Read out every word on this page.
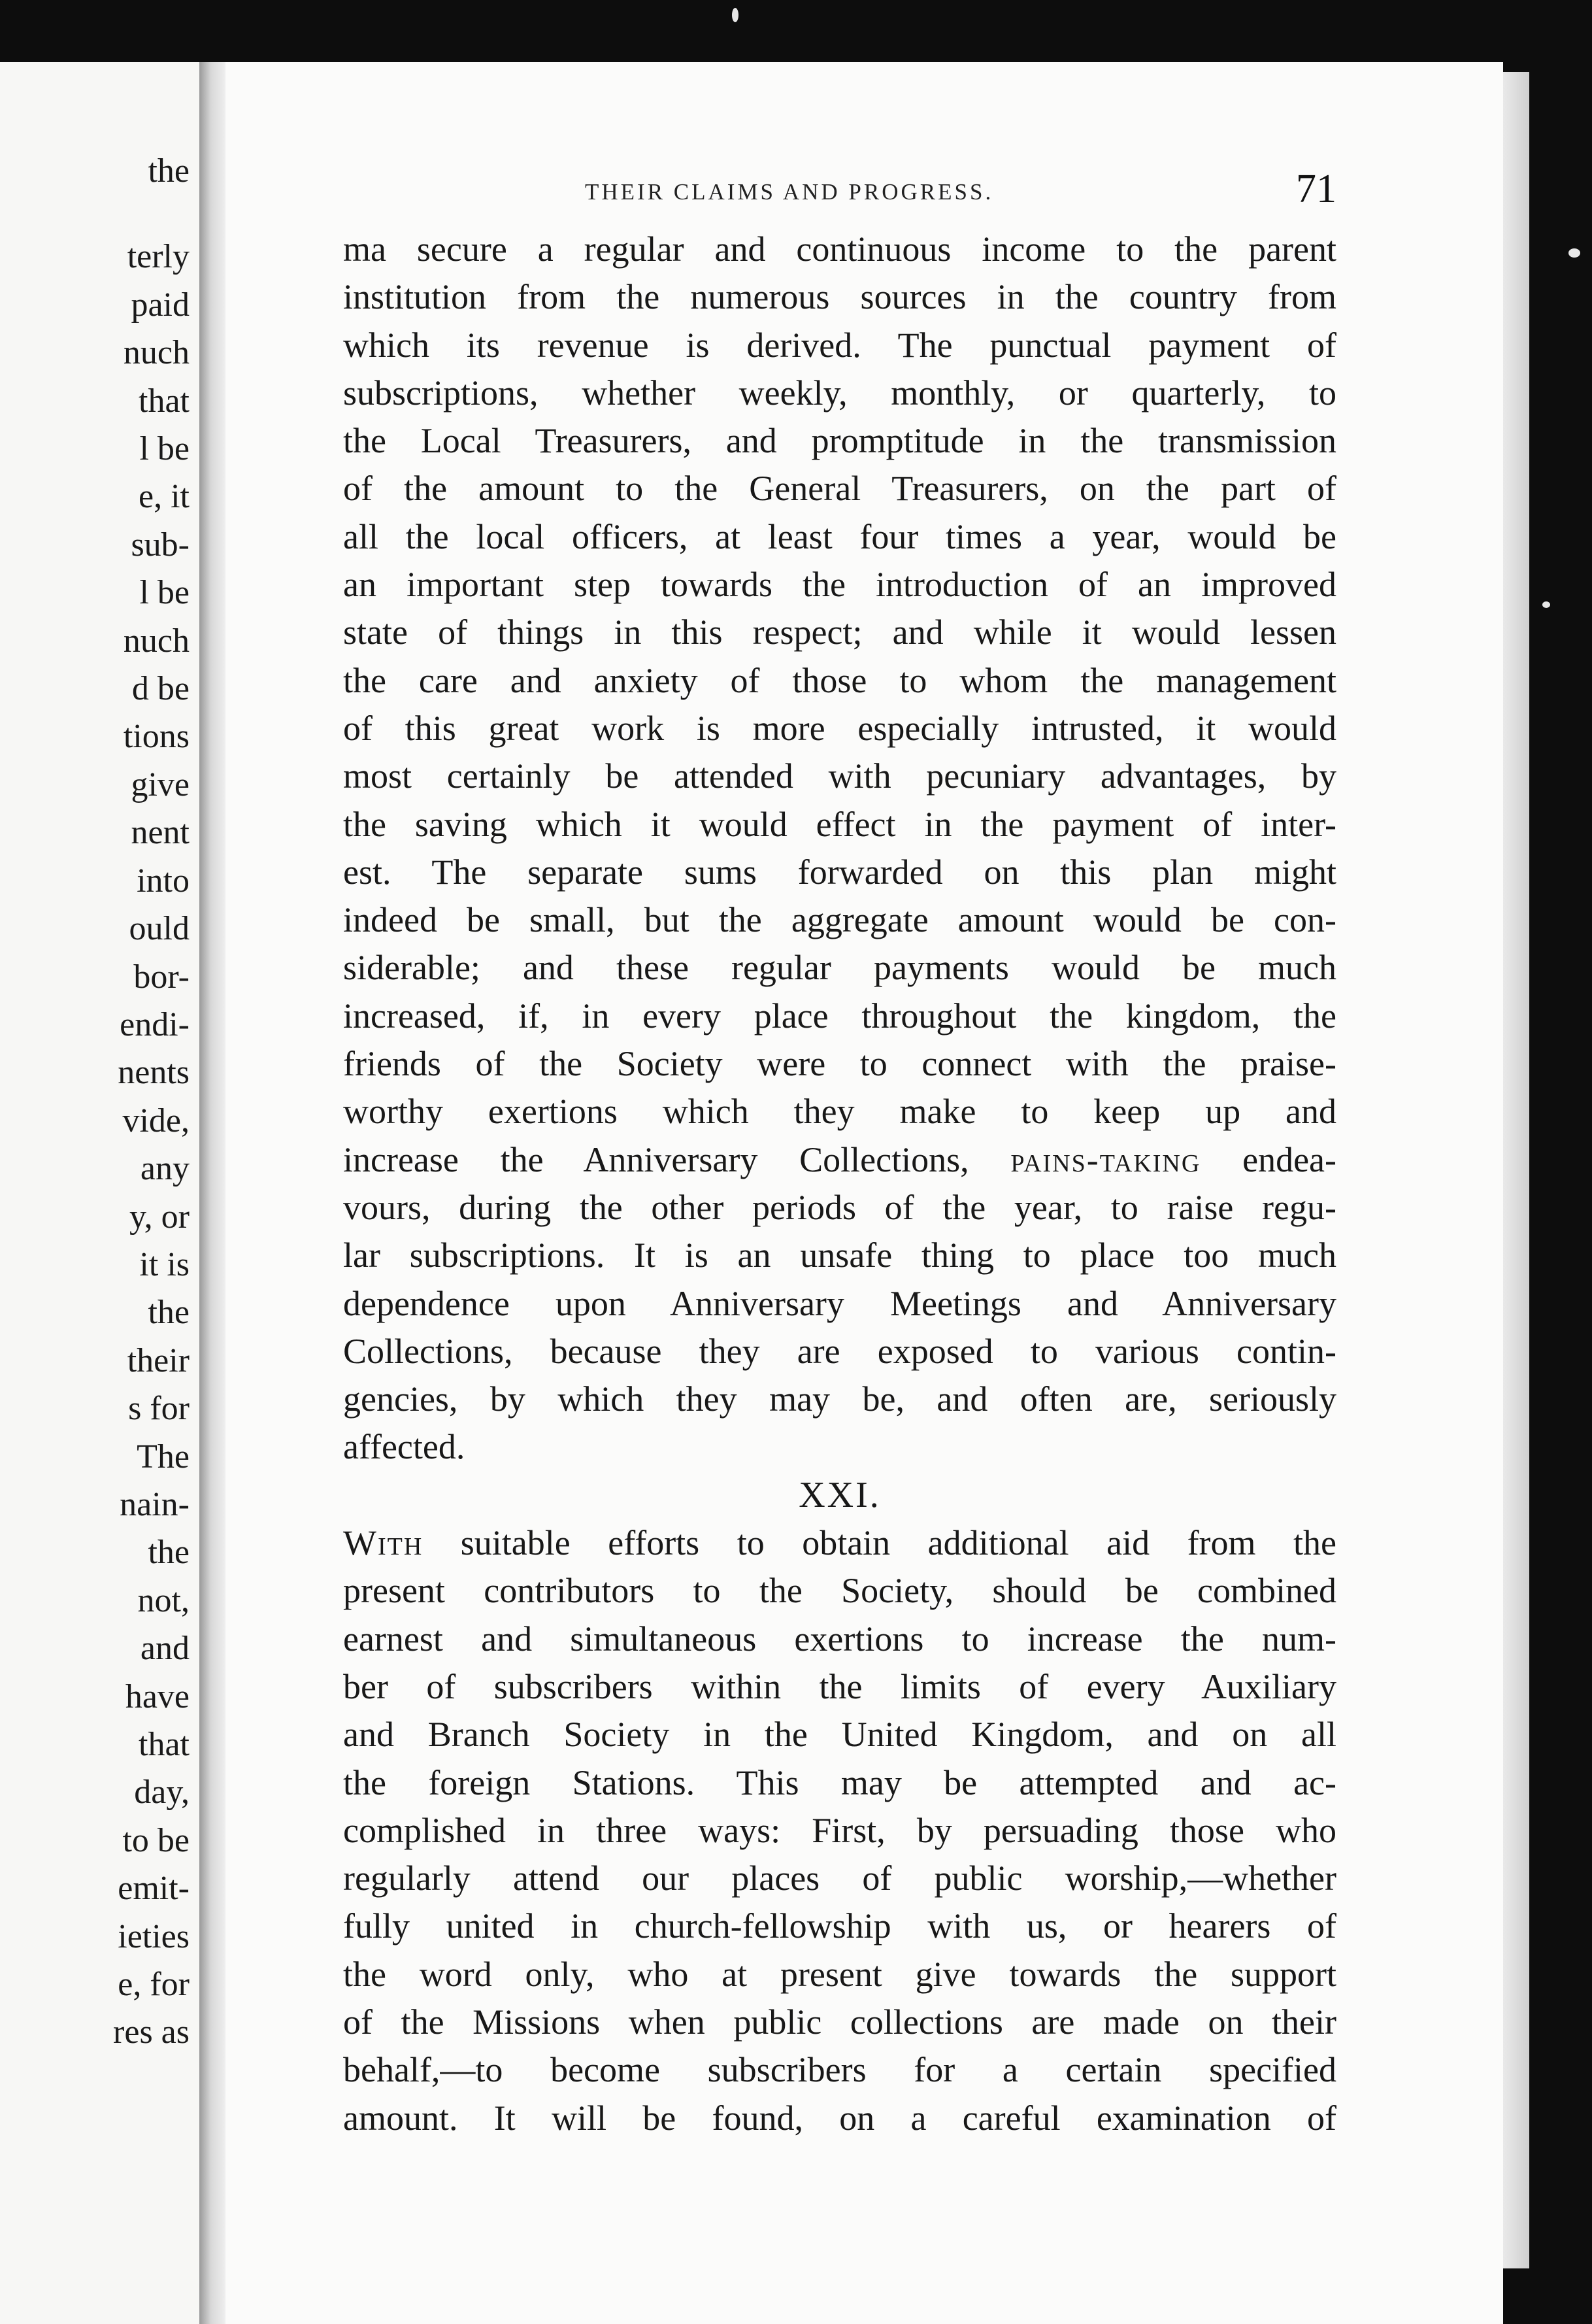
the
terly
paid
nuch
that
l be
e, it
sub-
l be
nuch
d be
tions
give
nent
into
ould
bor-
endi-
nents
vide,
any
y, or
it is
the
their
s for
The
nain-
the
not,
and
have
that
day,
to be
emit-
ieties
e, for
res as
THEIR CLAIMS AND PROGRESS.	71
ma secure a regular and continuous income to the parent
institution from the numerous sources in the country from
which its revenue is derived. The punctual payment of
subscriptions, whether weekly, monthly, or quarterly, to
the Local Treasurers, and promptitude in the transmission
of the amount to the General Treasurers, on the part of
all the local officers, at least four times a year, would be
an important step towards the introduction of an improved
state of things in this respect; and while it would lessen
the care and anxiety of those to whom the management
of this great work is more especially intrusted, it would
most certainly be attended with pecuniary advantages, by
the saving which it would effect in the payment of inter-
est. The separate sums forwarded on this plan might
indeed be small, but the aggregate amount would be con-
siderable; and these regular payments would be much
increased, if, in every place throughout the kingdom, the
friends of the Society were to connect with the praise-
worthy exertions which they make to keep up and
increase the Anniversary Collections, pains-taking endea-
vours, during the other periods of the year, to raise regu-
lar subscriptions. It is an unsafe thing to place too much
dependence upon Anniversary Meetings and Anniversary
Collections, because they are exposed to various contin-
gencies, by which they may be, and often are, seriously
affected.
XXI.
With suitable efforts to obtain additional aid from the
present contributors to the Society, should be combined
earnest and simultaneous exertions to increase the num-
ber of subscribers within the limits of every Auxiliary
and Branch Society in the United Kingdom, and on all
the foreign Stations. This may be attempted and ac-
complished in three ways: First, by persuading those who
regularly attend our places of public worship,—whether
fully united in church-fellowship with us, or hearers of
the word only, who at present give towards the support
of the Missions when public collections are made on their
behalf,—to become subscribers for a certain specified
amount. It will be found, on a careful examination of
